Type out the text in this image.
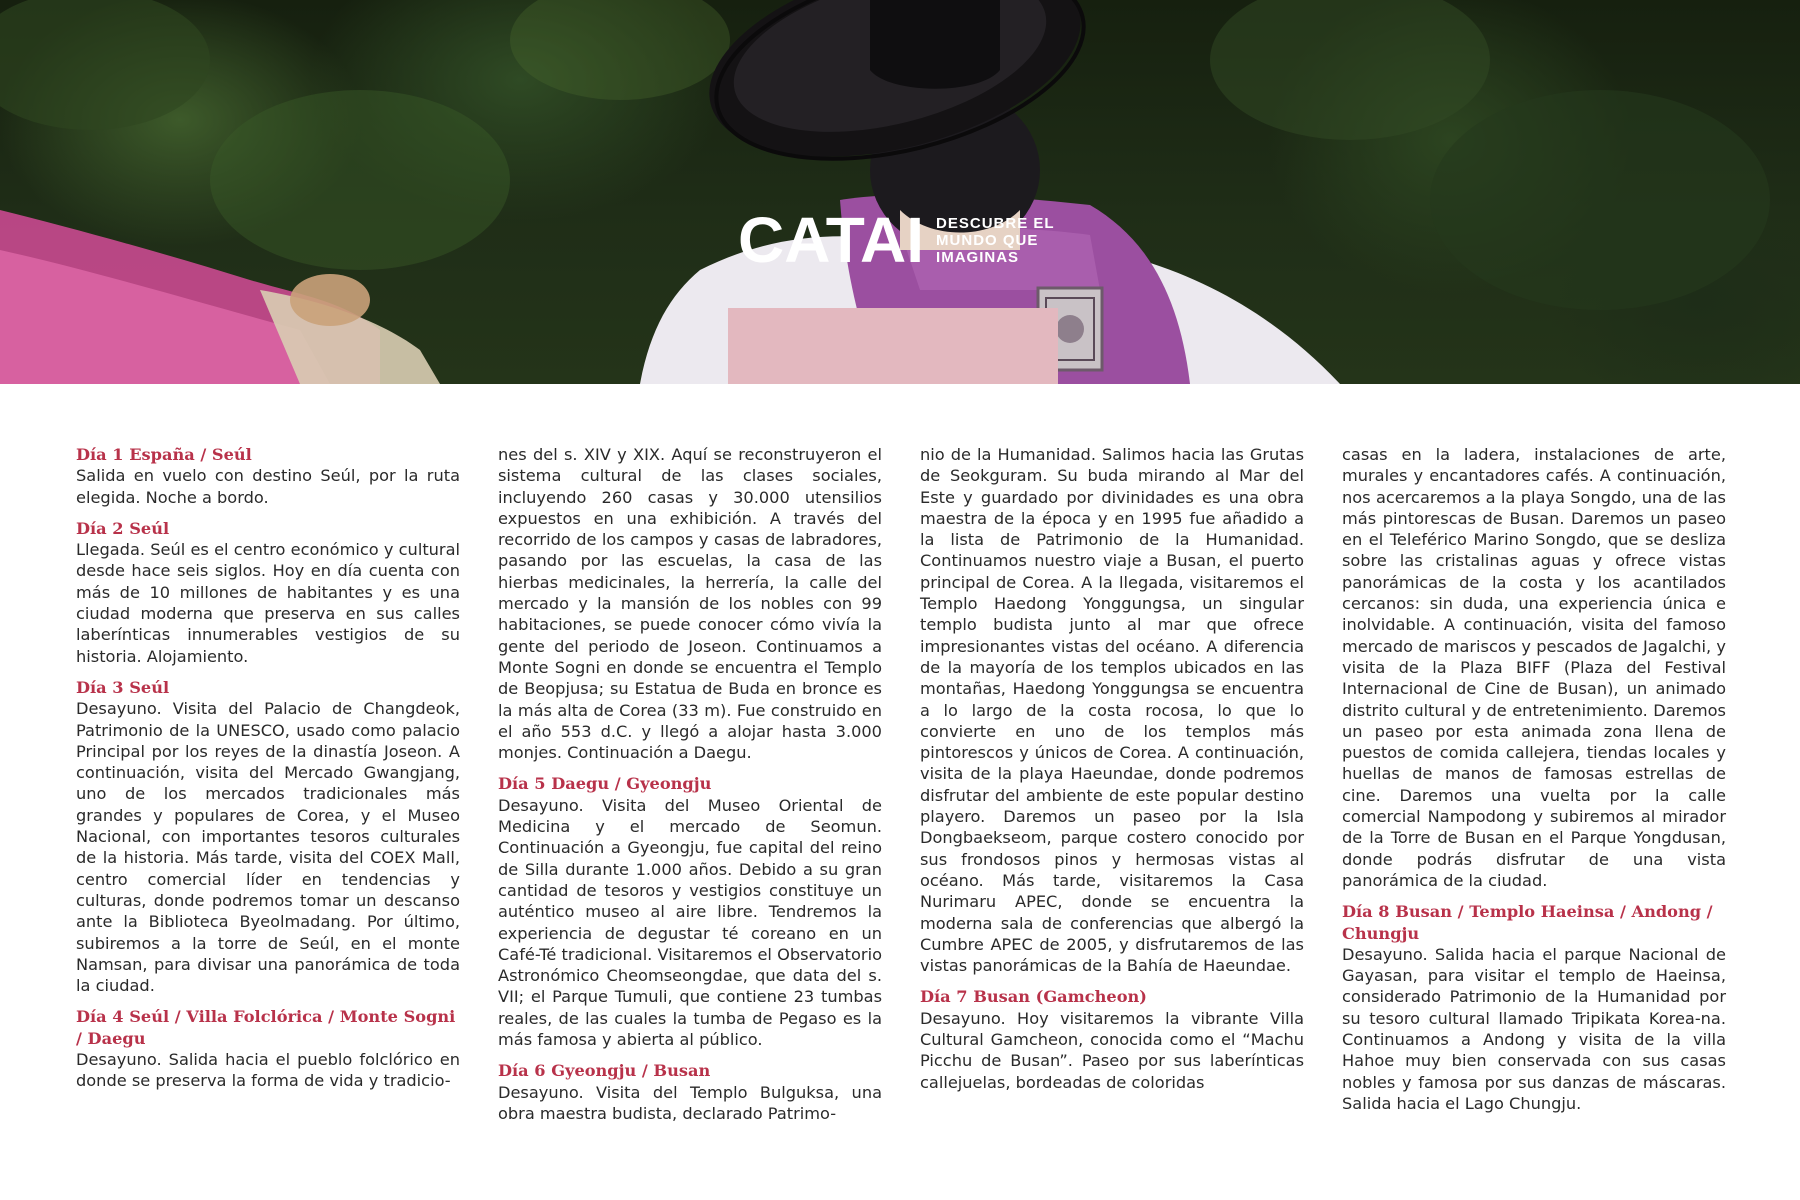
CATAI DESCUBRE EL
MUNDO QUE
IMAGINAS
Día 1 España / Seúl

Salida en vuelo con destino Seúl, por la ruta elegida. Noche a bordo.

Día 2 Seúl

Llegada. Seúl es el centro económico y cultural desde hace seis siglos. Hoy en día cuenta con más de 10 millones de habitantes y es una ciudad moderna que preserva en sus calles laberínticas innumerables vestigios de su historia. Alojamiento.

Día 3 Seúl

Desayuno. Visita del Palacio de Changdeok, Patrimonio de la UNESCO, usado como palacio Principal por los reyes de la dinastía Joseon. A continuación, visita del Mercado Gwangjang, uno de los mercados tradicionales más grandes y populares de Corea, y el Museo Nacional, con importantes tesoros culturales de la historia. Más tarde, visita del COEX Mall, centro comercial líder en tendencias y culturas, donde podremos tomar un descanso ante la Biblioteca Byeolmadang. Por último, subiremos a la torre de Seúl, en el monte Namsan, para divisar una panorámica de toda la ciudad.

Día 4 Seúl / Villa Folclórica / Monte Sogni / Daegu

Desayuno. Salida hacia el pueblo folclórico en donde se preserva la forma de vida y tradicio-

nes del s. XIV y XIX. Aquí se reconstruyeron el sistema cultural de las clases sociales, incluyendo 260 casas y 30.000 utensilios expuestos en una exhibición. A través del recorrido de los campos y casas de labradores, pasando por las escuelas, la casa de las hierbas medicinales, la herrería, la calle del mercado y la mansión de los nobles con 99 habitaciones, se puede conocer cómo vivía la gente del periodo de Joseon. Continuamos a Monte Sogni en donde se encuentra el Templo de Beopjusa; su Estatua de Buda en bronce es la más alta de Corea (33 m). Fue construido en el año 553 d.C. y llegó a alojar hasta 3.000 monjes. Continuación a Daegu.

Día 5 Daegu / Gyeongju

Desayuno. Visita del Museo Oriental de Medicina y el mercado de Seomun. Continuación a Gyeongju, fue capital del reino de Silla durante 1.000 años. Debido a su gran cantidad de tesoros y vestigios constituye un auténtico museo al aire libre. Tendremos la experiencia de degustar té coreano en un Café-Té tradicional. Visitaremos el Observatorio Astronómico Cheomseongdae, que data del s. VII; el Parque Tumuli, que contiene 23 tumbas reales, de las cuales la tumba de Pegaso es la más famosa y abierta al público.

Día 6 Gyeongju / Busan

Desayuno. Visita del Templo Bulguksa, una obra maestra budista, declarado Patrimo-

nio de la Humanidad. Salimos hacia las Grutas de Seokguram. Su buda mirando al Mar del Este y guardado por divinidades es una obra maestra de la época y en 1995 fue añadido a la lista de Patrimonio de la Humanidad. Continuamos nuestro viaje a Busan, el puerto principal de Corea. A la llegada, visitaremos el Templo Haedong Yonggungsa, un singular templo budista junto al mar que ofrece impresionantes vistas del océano. A diferencia de la mayoría de los templos ubicados en las montañas, Haedong Yonggungsa se encuentra a lo largo de la costa rocosa, lo que lo convierte en uno de los templos más pintorescos y únicos de Corea. A continuación, visita de la playa Haeundae, donde podremos disfrutar del ambiente de este popular destino playero. Daremos un paseo por la Isla Dongbaekseom, parque costero conocido por sus frondosos pinos y hermosas vistas al océano. Más tarde, visitaremos la Casa Nurimaru APEC, donde se encuentra la moderna sala de conferencias que albergó la Cumbre APEC de 2005, y disfrutaremos de las vistas panorámicas de la Bahía de Haeundae.

Día 7 Busan (Gamcheon)

Desayuno. Hoy visitaremos la vibrante Villa Cultural Gamcheon, conocida como el “Machu Picchu de Busan”. Paseo por sus laberínticas callejuelas, bordeadas de coloridas

casas en la ladera, instalaciones de arte, murales y encantadores cafés. A continuación, nos acercaremos a la playa Songdo, una de las más pintorescas de Busan. Daremos un paseo en el Teleférico Marino Songdo, que se desliza sobre las cristalinas aguas y ofrece vistas panorámicas de la costa y los acantilados cercanos: sin duda, una experiencia única e inolvidable. A continuación, visita del famoso mercado de mariscos y pescados de Jagalchi, y visita de la Plaza BIFF (Plaza del Festival Internacional de Cine de Busan), un animado distrito cultural y de entretenimiento. Daremos un paseo por esta animada zona llena de puestos de comida callejera, tiendas locales y huellas de manos de famosas estrellas de cine. Daremos una vuelta por la calle comercial Nampodong y subiremos al mirador de la Torre de Busan en el Parque Yongdusan, donde podrás disfrutar de una vista panorámica de la ciudad.

Día 8 Busan / Templo Haeinsa / Andong / Chungju

Desayuno. Salida hacia el parque Nacional de Gayasan, para visitar el templo de Haeinsa, considerado Patrimonio de la Humanidad por su tesoro cultural llamado Tripikata Korea-na. Continuamos a Andong y visita de la villa Hahoe muy bien conservada con sus casas nobles y famosa por sus danzas de máscaras. Salida hacia el Lago Chungju.
